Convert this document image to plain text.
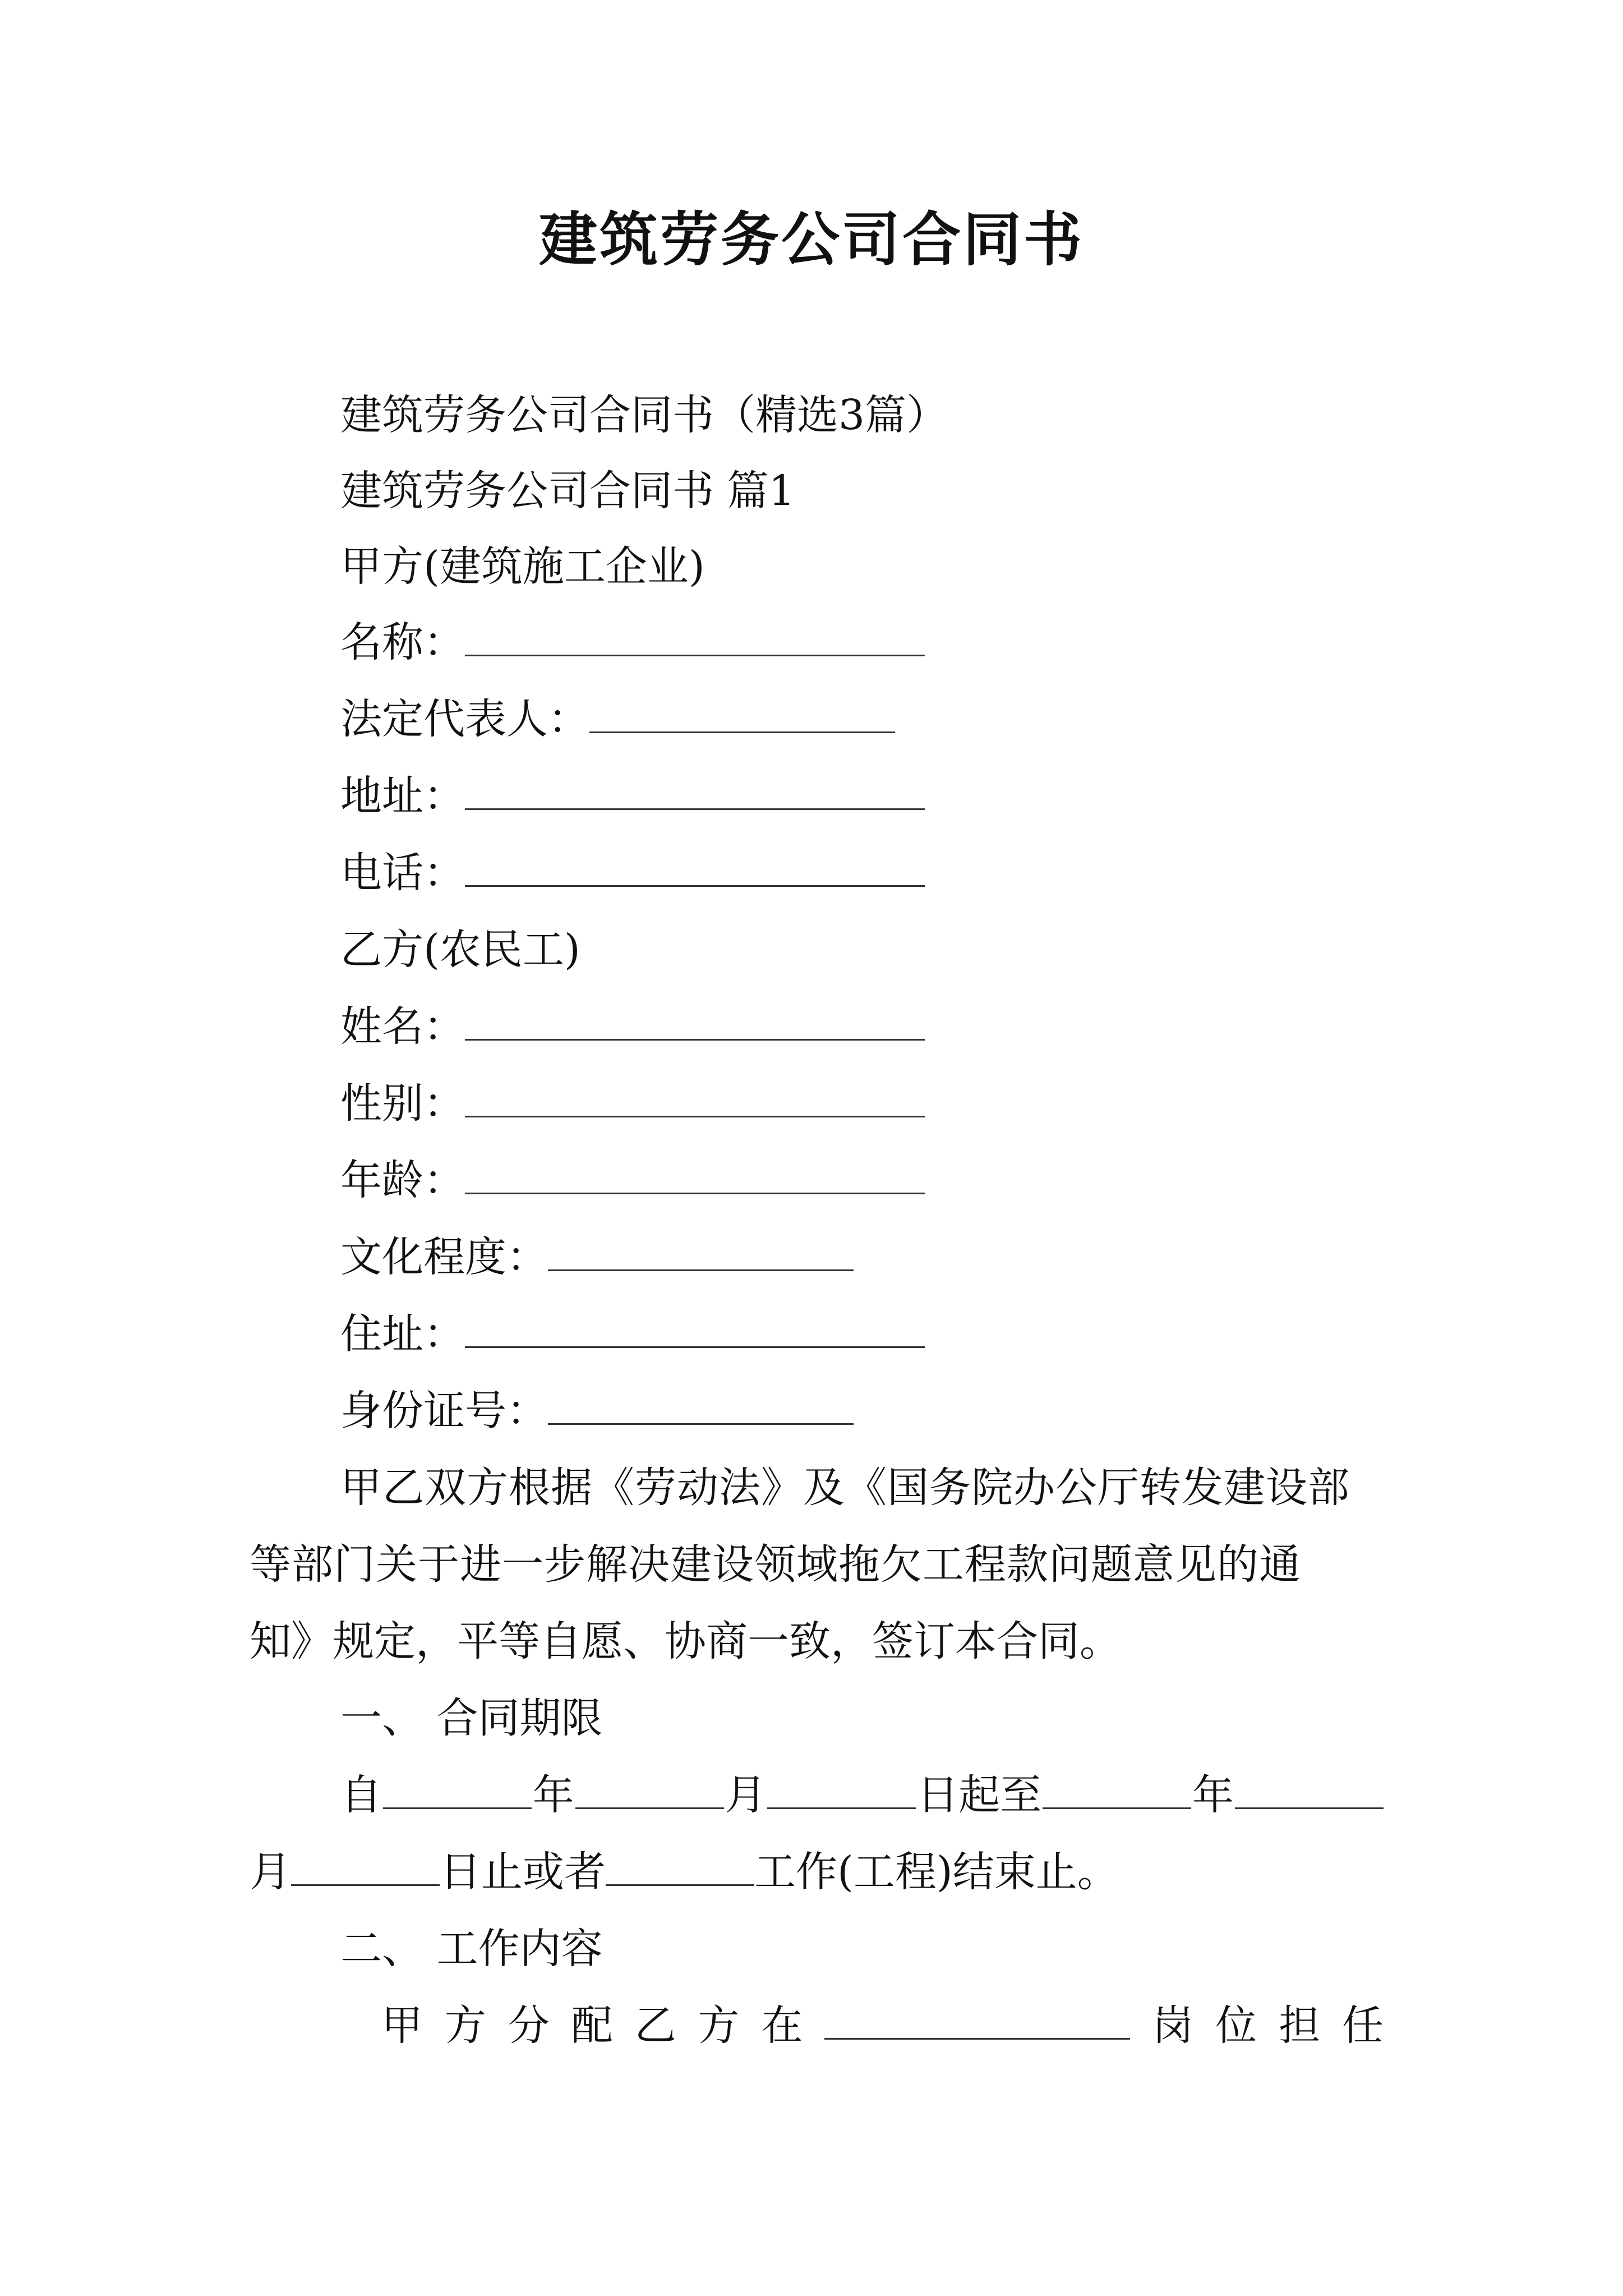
建筑劳务公司合同书
建筑劳务公司合同书（精选3篇）
建筑劳务公司合同书 篇1
甲方(建筑施工企业)
名称：
法定代表人：
地址：
电话：
乙方(农民工)
姓名：
性别：
年龄：
文化程度：
住址：
身份证号：
甲乙双方根据《劳动法》及《国务院办公厅转发建设部
等部门关于进一步解决建设领域拖欠工程款问题意见的通
知》规定，平等自愿、协商一致，签订本合同。
一、 合同期限
自	年	月	日起至	年
月	日止或者	工作(工程)结束止。
二、 工作内容
甲 方 分 配 乙 方 在	岗 位 担 任
